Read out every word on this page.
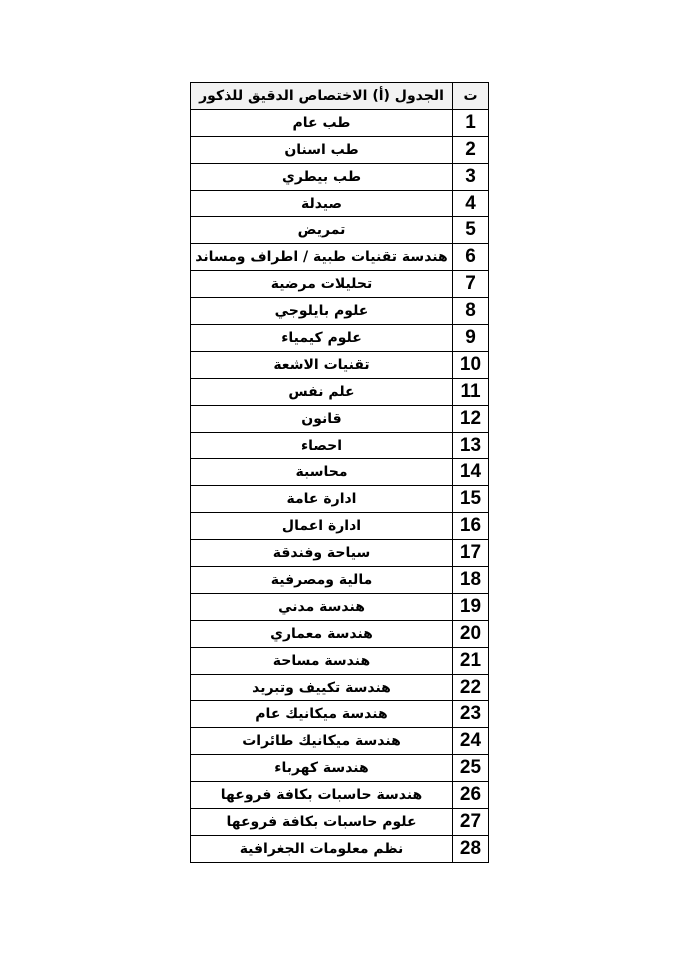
ت	الجدول (أ) الاختصاص الدقيق للذكور
1	طب عام
2	طب اسنان
3	طب بيطري
4	صيدلة
5	تمريض
6	هندسة تقنيات طبية / اطراف ومساند
7	تحليلات مرضية
8	علوم بايلوجي
9	علوم كيمياء
10	تقنيات الاشعة
11	علم نفس
12	قانون
13	احصاء
14	محاسبة
15	ادارة عامة
16	ادارة اعمال
17	سياحة وفندقة
18	مالية ومصرفية
19	هندسة مدني
20	هندسة معماري
21	هندسة مساحة
22	هندسة تكييف وتبريد
23	هندسة ميكانيك عام
24	هندسة ميكانيك طائرات
25	هندسة كهرباء
26	هندسة حاسبات بكافة فروعها
27	علوم حاسبات بكافة فروعها
28	نظم معلومات الجغرافية
